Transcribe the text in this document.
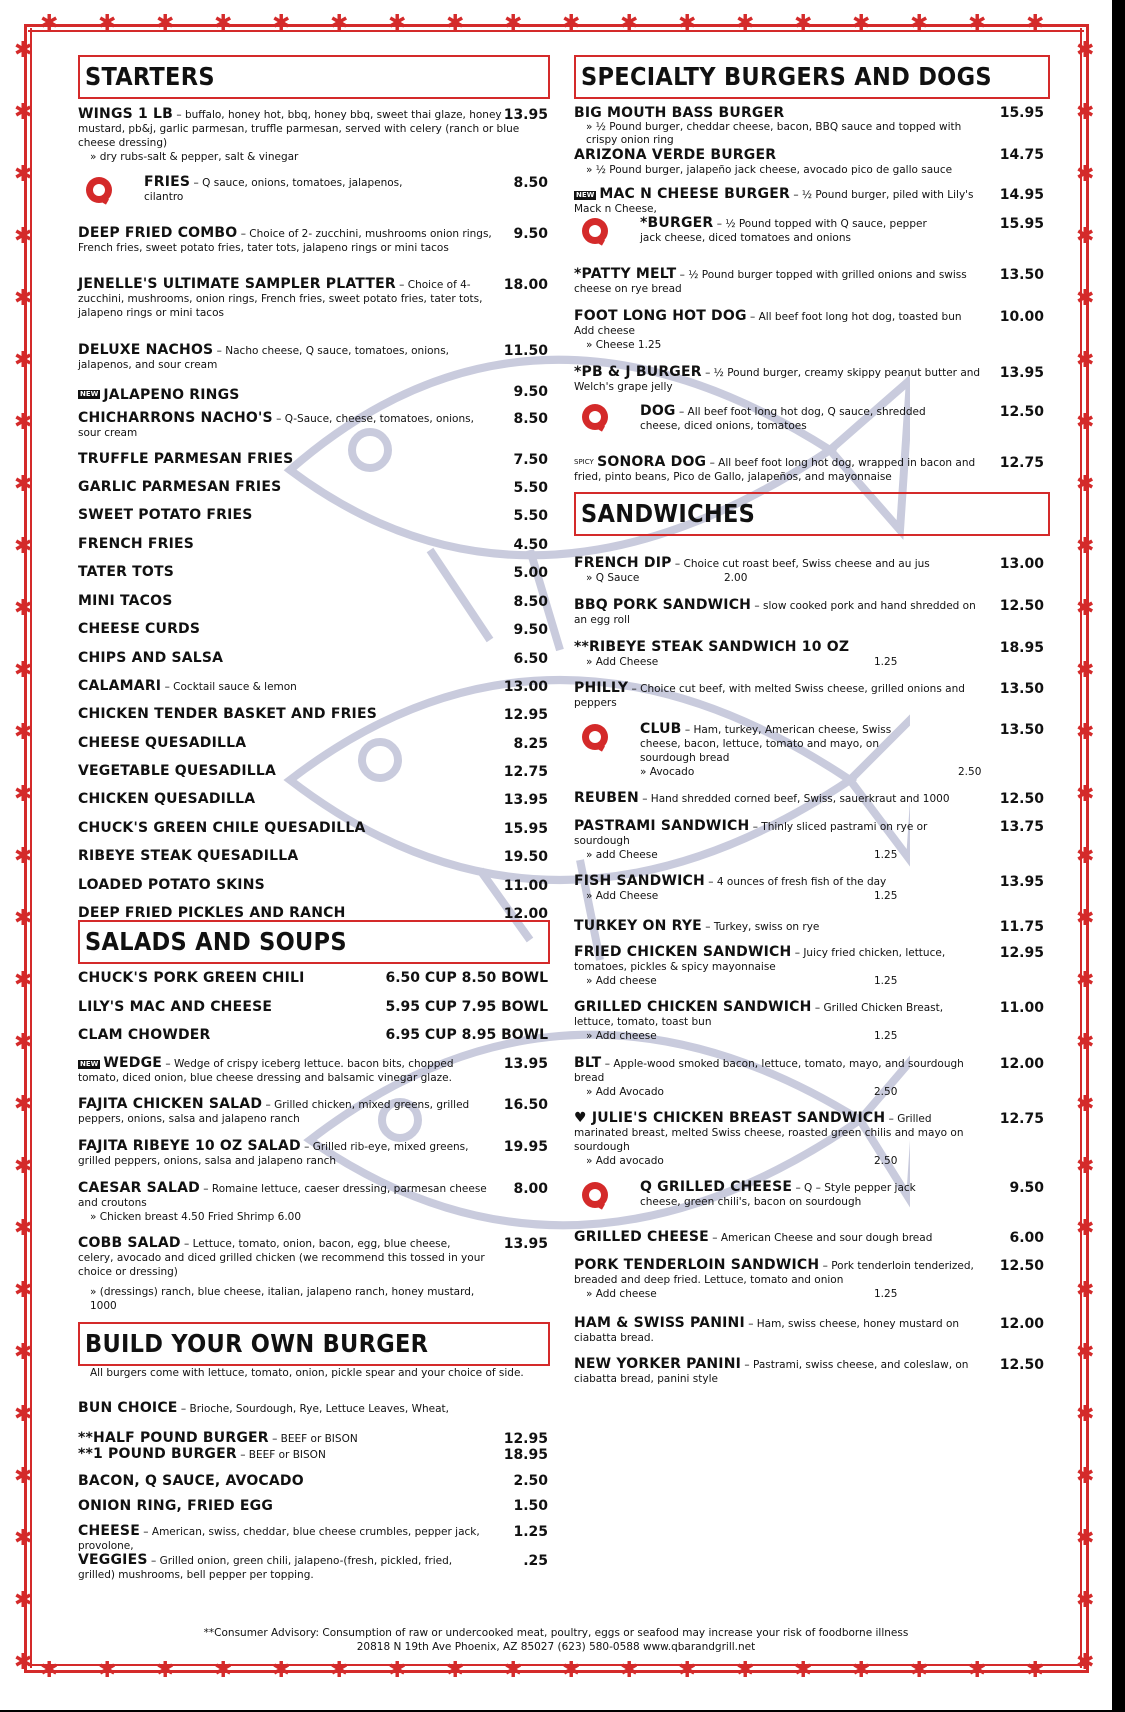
✱
✱
✱
✱
✱
✱
✱
✱
✱
✱
✱
✱
✱
✱
✱
✱
✱
✱
✱
✱
✱
✱
✱
✱
✱
✱
✱
✱
✱
✱
✱
✱
✱
✱
✱
✱
✱	✱
✱	✱
✱	✱
✱	✱
✱	✱
✱	✱
✱	✱
✱	✱
✱	✱
✱	✱
✱	✱
✱	✱
✱	✱
✱	✱
✱	✱
✱	✱
✱	✱
✱	✱
✱	✱
✱	✱
✱	✱
✱	✱
✱	✱
✱	✱
✱	✱
✱	✱
✱	✱
STARTERS
WINGS 1 LB – buffalo, honey hot, bbq, honey bbq, sweet thai glaze, honey mustard, pb&j, garlic parmesan, truffle parmesan, served with celery (ranch or blue cheese dressing)
13.95
» dry rubs-salt & pepper, salt & vinegar
FRIES – Q sauce, onions, tomatoes, jalapenos, cilantro
8.50
DEEP FRIED COMBO – Choice of 2- zucchini, mushrooms onion rings, French fries, sweet potato fries, tater tots, jalapeno rings or mini tacos
9.50
JENELLE'S ULTIMATE SAMPLER PLATTER – Choice of 4- zucchini, mushrooms, onion rings, French fries, sweet potato fries, tater tots, jalapeno rings or mini tacos
18.00
DELUXE NACHOS – Nacho cheese, Q sauce, tomatoes, onions, jalapenos, and sour cream
11.50
NEW JALAPENO RINGS	9.50
CHICHARRONS NACHO'S – Q-Sauce, cheese, tomatoes, onions, sour cream
8.50
TRUFFLE PARMESAN FRIES	7.50
GARLIC PARMESAN FRIES	5.50
SWEET POTATO FRIES	5.50
FRENCH FRIES	4.50
TATER TOTS	5.00
MINI TACOS	8.50
CHEESE CURDS	9.50
CHIPS AND SALSA	6.50
CALAMARI – Cocktail sauce & lemon	13.00
CHICKEN TENDER BASKET AND FRIES	12.95
CHEESE QUESADILLA	8.25
VEGETABLE QUESADILLA	12.75
CHICKEN QUESADILLA	13.95
CHUCK'S GREEN CHILE QUESADILLA	15.95
RIBEYE STEAK QUESADILLA	19.50
LOADED POTATO SKINS	11.00
DEEP FRIED PICKLES AND RANCH	12.00
SALADS AND SOUPS
CHUCK'S PORK GREEN CHILI	6.50 CUP 8.50 BOWL
LILY'S MAC AND CHEESE	5.95 CUP 7.95 BOWL
CLAM CHOWDER	6.95 CUP 8.95 BOWL
NEW WEDGE – Wedge of crispy iceberg lettuce. bacon bits, chopped tomato, diced onion, blue cheese dressing and balsamic vinegar glaze.
13.95
FAJITA CHICKEN SALAD – Grilled chicken, mixed greens, grilled peppers, onions, salsa and jalapeno ranch
16.50
FAJITA RIBEYE 10 OZ SALAD – Grilled rib-eye, mixed greens, grilled peppers, onions, salsa and jalapeno ranch
19.95
CAESAR SALAD – Romaine lettuce, caeser dressing, parmesan cheese and croutons
8.00
» Chicken breast 4.50 Fried Shrimp 6.00
COBB SALAD – Lettuce, tomato, onion, bacon, egg, blue cheese, celery, avocado and diced grilled chicken (we recommend this tossed in your choice or dressing)
13.95
» (dressings) ranch, blue cheese, italian, jalapeno ranch, honey mustard, 1000
BUILD YOUR OWN BURGER
All burgers come with lettuce, tomato, onion, pickle spear and your choice of side.
BUN CHOICE – Brioche, Sourdough, Rye, Lettuce Leaves, Wheat,
**HALF POUND BURGER – BEEF or BISON	12.95
**1 POUND BURGER – BEEF or BISON	18.95
BACON, Q SAUCE, AVOCADO	2.50
ONION RING, FRIED EGG	1.50
CHEESE – American, swiss, cheddar, blue cheese crumbles, pepper jack, provolone,
1.25
VEGGIES – Grilled onion, green chili, jalapeno-(fresh, pickled, fried, grilled) mushrooms, bell pepper per topping.
.25
SPECIALTY BURGERS AND DOGS
BIG MOUTH BASS BURGER	15.95
» ½ Pound burger, cheddar cheese, bacon, BBQ sauce and topped with crispy onion ring
ARIZONA VERDE BURGER	14.75
» ½ Pound burger, jalapeño jack cheese, avocado pico de gallo sauce
NEW MAC N CHEESE BURGER – ½ Pound burger, piled with Lily's Mack n Cheese,
14.95
*BURGER – ½ Pound topped with Q sauce, pepper jack cheese, diced tomatoes and onions
15.95
*PATTY MELT – ½ Pound burger topped with grilled onions and swiss cheese on rye bread
13.50
FOOT LONG HOT DOG – All beef foot long hot dog, toasted bun Add cheese
10.00
» Cheese 1.25
*PB & J BURGER – ½ Pound burger, creamy skippy peanut butter and Welch's grape jelly
13.95
DOG – All beef foot long hot dog, Q sauce, shredded cheese, diced onions, tomatoes
12.50
$^{SPICY}$ SONORA DOG – All beef foot long hot dog, wrapped in bacon and fried, pinto beans, Pico de Gallo, jalapeños, and mayonnaise
12.75
SANDWICHES
FRENCH DIP – Choice cut roast beef, Swiss cheese and au jus	13.00
» Q Sauce	2.00
BBQ PORK SANDWICH – slow cooked pork and hand shredded on an egg roll
12.50
**RIBEYE STEAK SANDWICH 10 OZ	18.95
» Add Cheese	1.25
PHILLY – Choice cut beef, with melted Swiss cheese, grilled onions and peppers
13.50
CLUB – Ham, turkey, American cheese, Swiss cheese, bacon, lettuce, tomato and mayo, on sourdough bread
13.50
» Avocado	2.50
REUBEN – Hand shredded corned beef, Swiss, sauerkraut and 1000	12.50
PASTRAMI SANDWICH – Thinly sliced pastrami on rye or sourdough
13.75
» add Cheese	1.25
FISH SANDWICH – 4 ounces of fresh fish of the day	13.95
» Add Cheese	1.25
TURKEY ON RYE – Turkey, swiss on rye	11.75
FRIED CHICKEN SANDWICH – Juicy fried chicken, lettuce, tomatoes, pickles & spicy mayonnaise
12.95
» Add cheese	1.25
GRILLED CHICKEN SANDWICH – Grilled Chicken Breast, lettuce, tomato, toast bun
11.00
» Add cheese	1.25
BLT – Apple-wood smoked bacon, lettuce, tomato, mayo, and sourdough bread
12.00
» Add Avocado	2.50
♥ JULIE'S CHICKEN BREAST SANDWICH – Grilled marinated breast, melted Swiss cheese, roasted green chilis and mayo on sourdough
12.75
» Add avocado	2.50
Q GRILLED CHEESE – Q – Style pepper jack cheese, green chili's, bacon on sourdough
9.50
GRILLED CHEESE – American Cheese and sour dough bread	6.00
PORK TENDERLOIN SANDWICH – Pork tenderloin tenderized, breaded and deep fried. Lettuce, tomato and onion
12.50
» Add cheese	1.25
HAM & SWISS PANINI – Ham, swiss cheese, honey mustard on ciabatta bread.
12.00
NEW YORKER PANINI – Pastrami, swiss cheese, and coleslaw, on ciabatta bread, panini style
12.50
**Consumer Advisory: Consumption of raw or undercooked meat, poultry, eggs or seafood may increase your risk of foodborne illness
20818 N 19th Ave Phoenix, AZ 85027 (623) 580-0588 www.qbarandgrill.net
